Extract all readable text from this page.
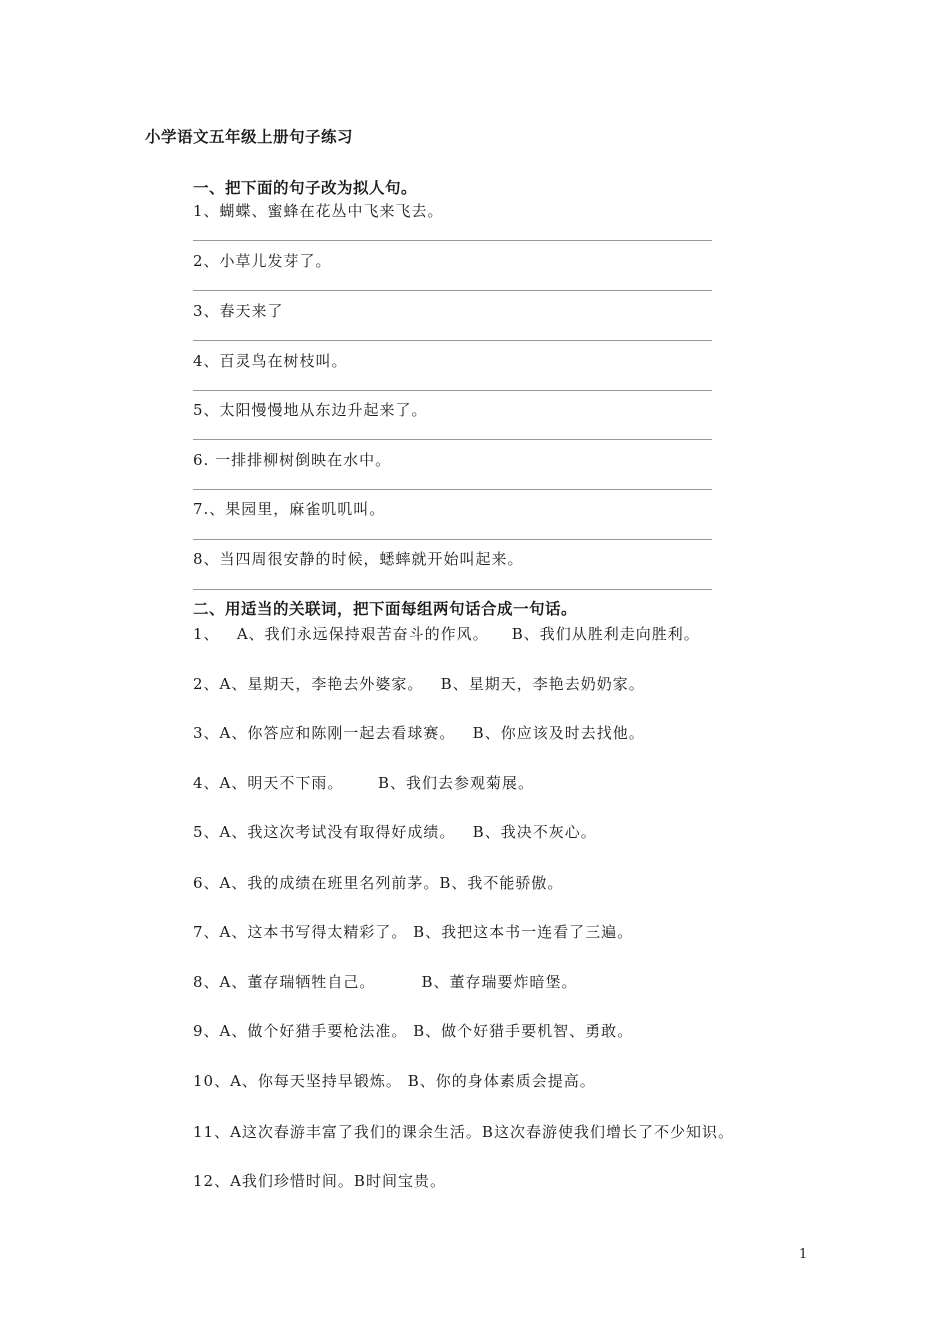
小学语文五年级上册句子练习
一、把下面的句子改为拟人句。
1、蝴蝶、蜜蜂在花丛中飞来飞去。
2、小草儿发芽了。
3、春天来了
4、百灵鸟在树枝叫。
5、太阳慢慢地从东边升起来了。
6. 一排排柳树倒映在水中。
7.、果园里，麻雀叽叽叫。
8、当四周很安静的时候，蟋蟀就开始叫起来。
二、用适当的关联词，把下面每组两句话合成一句话。
1、   A、我们永远保持艰苦奋斗的作风。    B、我们从胜利走向胜利。
2、A、星期天，李艳去外婆家。   B、星期天，李艳去奶奶家。
3、A、你答应和陈刚一起去看球赛。   B、你应该及时去找他。
4、A、明天不下雨。      B、我们去参观菊展。
5、A、我这次考试没有取得好成绩。   B、我决不灰心。
6、A、我的成绩在班里名列前茅。B、我不能骄傲。
7、A、这本书写得太精彩了。 B、我把这本书一连看了三遍。
8、A、董存瑞牺牲自己。        B、董存瑞要炸暗堡。
9、A、做个好猎手要枪法准。 B、做个好猎手要机智、勇敢。
10、A、你每天坚持早锻炼。 B、你的身体素质会提高。
11、A这次春游丰富了我们的课余生活。B这次春游使我们增长了不少知识。
12、A我们珍惜时间。B时间宝贵。
1
